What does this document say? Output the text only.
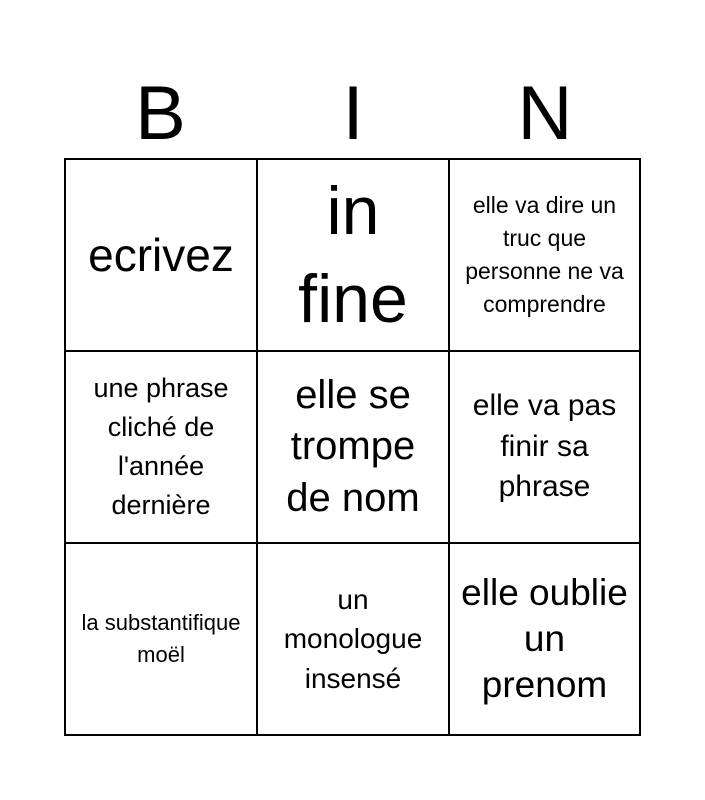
B	I	N
ecrivez
in fine
elle va dire un truc que personne ne va comprendre
une phrase cliché de l'année dernière
elle se trompe de nom
elle va pas finir sa phrase
la substantifique moël
un monologue insensé
elle oublie un prenom
